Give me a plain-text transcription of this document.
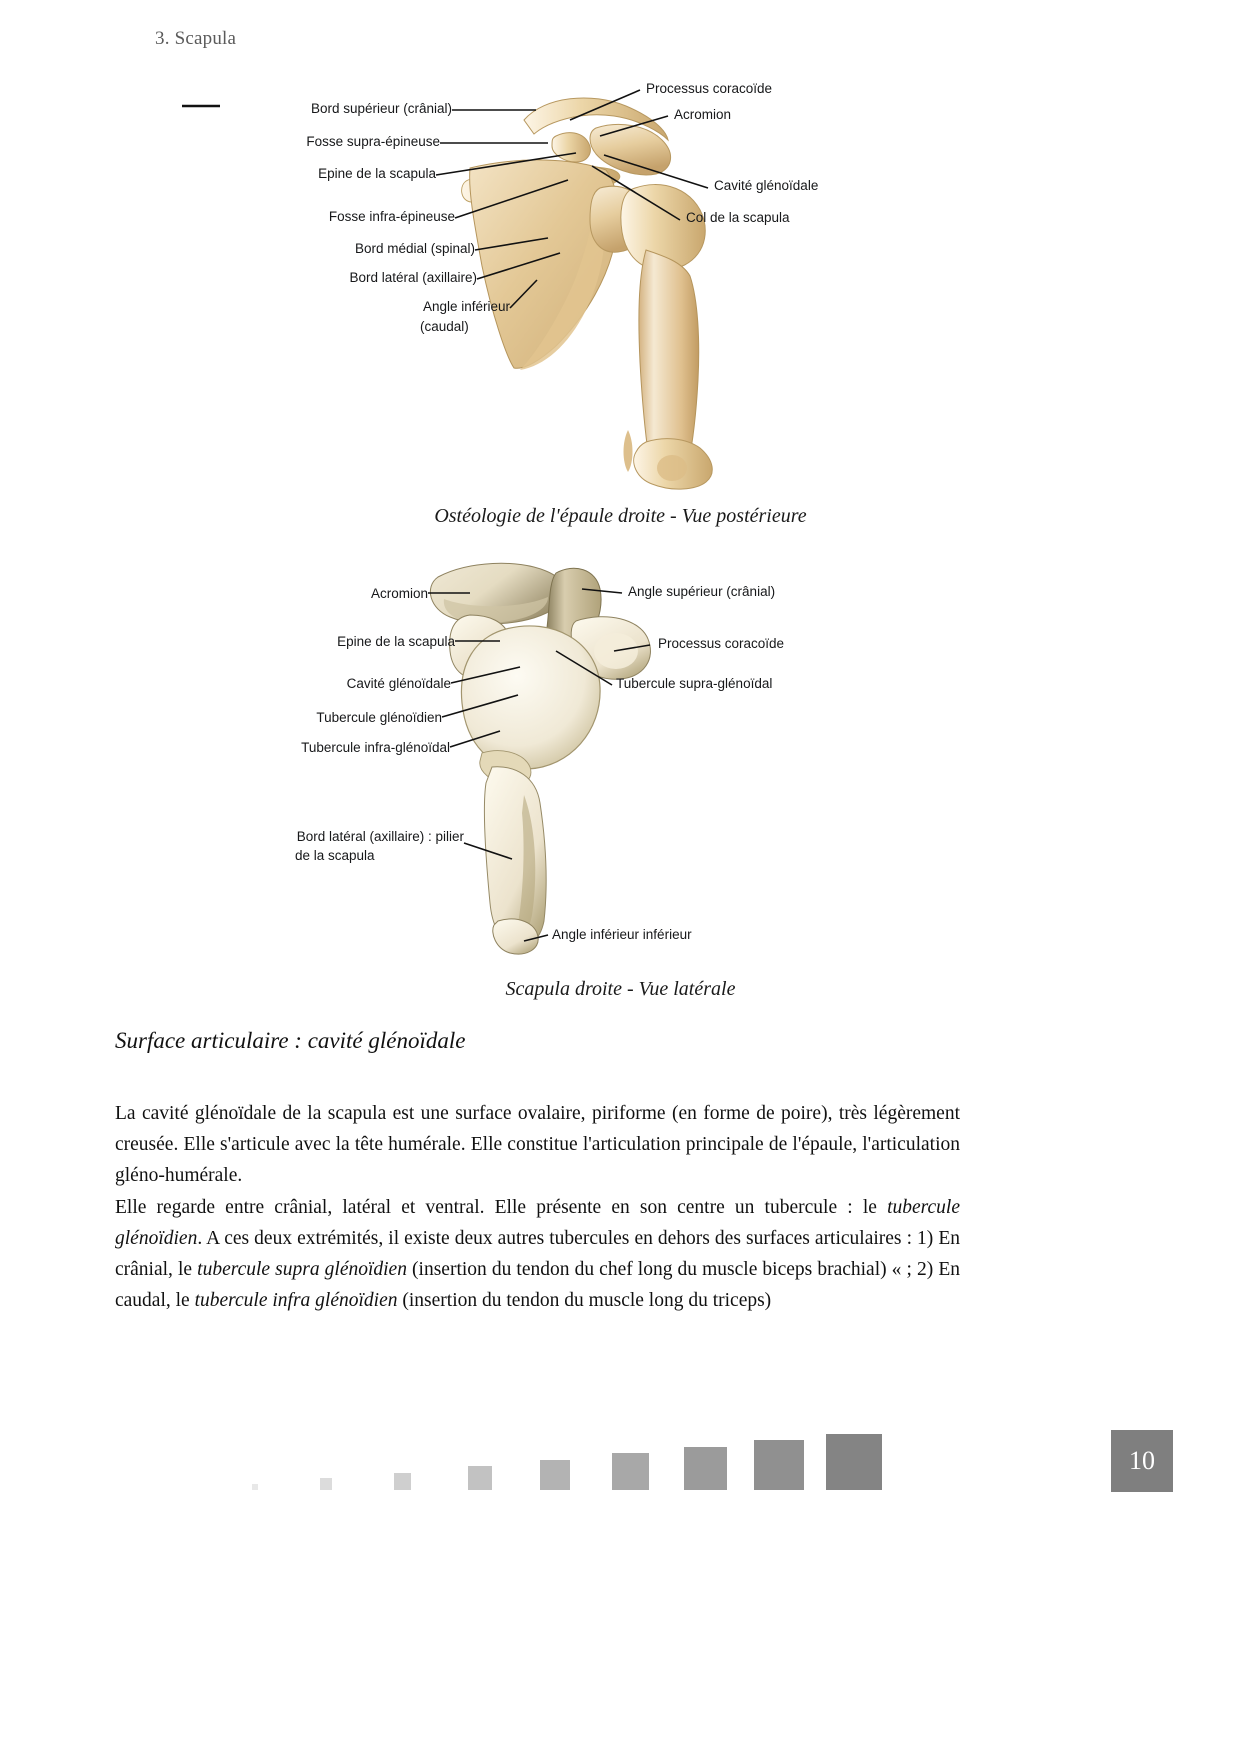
3. Scapula
Bord supérieur (crânial)
Fosse supra-épineuse
Epine de la scapula
Fosse infra-épineuse
Bord médial (spinal)
Bord latéral (axillaire)
Angle inférieur
(caudal)
Processus coracoïde
Acromion
Cavité glénoïdale
Col de la scapula
Ostéologie de l'épaule droite - Vue postérieure
Acromion
Epine de la scapula
Cavité glénoïdale
Tubercule glénoïdien
Tubercule infra-glénoïdal
Bord latéral (axillaire) : pilier
de la scapula
Angle supérieur (crânial)
Processus coracoïde
Tubercule supra-glénoïdal
Angle inférieur inférieur
Scapula droite - Vue latérale
Surface articulaire : cavité glénoïdale

La cavité glénoïdale de la scapula est une surface ovalaire, piriforme (en forme de poire), très légèrement creusée. Elle s'articule avec la tête humérale. Elle constitue l'articulation principale de l'épaule, l'articulation gléno-humérale.

Elle regarde entre crânial, latéral et ventral. Elle présente en son centre un tubercule : le tubercule glénoïdien. A ces deux extrémités, il existe deux autres tubercules en dehors des surfaces articulaires : 1) En crânial, le tubercule supra glénoïdien (insertion du tendon du chef long du muscle biceps brachial) « ; 2) En caudal, le tubercule infra glénoïdien (insertion du tendon du muscle long du triceps)

10
